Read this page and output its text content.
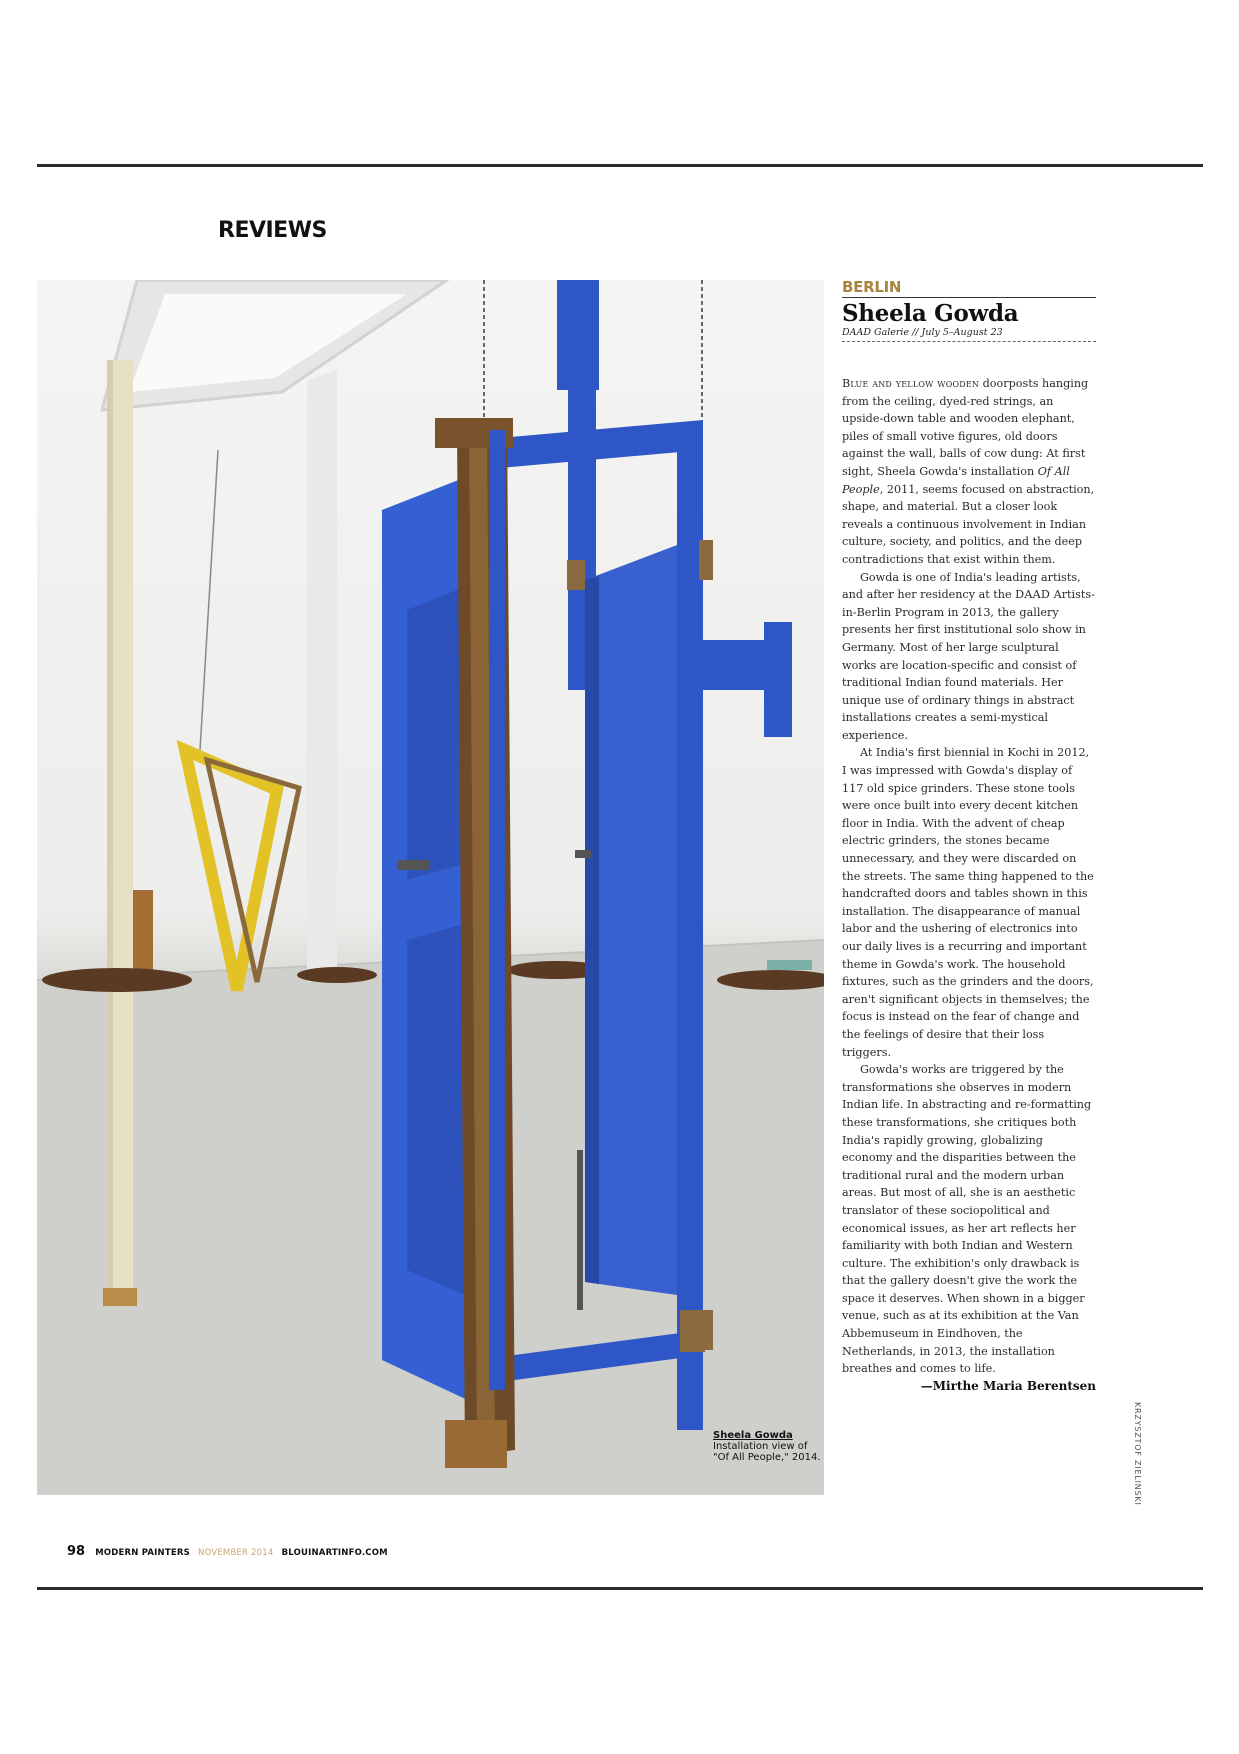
REVIEWS
Sheela Gowda
Installation view of "Of All People," 2014.
BERLIN
Sheela Gowda
DAAD Galerie // July 5–August 23

Blue and yellow wooden doorposts hanging from the ceiling, dyed-red strings, an upside-down table and wooden elephant, piles of small votive figures, old doors against the wall, balls of cow dung: At first sight, Sheela Gowda's installation Of All People, 2011, seems focused on abstraction, shape, and material. But a closer look reveals a continuous involvement in Indian culture, society, and politics, and the deep contradictions that exist within them.

Gowda is one of India's leading artists, and after her residency at the DAAD Artists-in-Berlin Program in 2013, the gallery presents her first institutional solo show in Germany. Most of her large sculptural works are location-specific and consist of traditional Indian found materials. Her unique use of ordinary things in abstract installations creates a semi-mystical experience.

At India's first biennial in Kochi in 2012, I was impressed with Gowda's display of 117 old spice grinders. These stone tools were once built into every decent kitchen floor in India. With the advent of cheap electric grinders, the stones became unnecessary, and they were discarded on the streets. The same thing happened to the handcrafted doors and tables shown in this installation. The disappearance of manual labor and the ushering of electronics into our daily lives is a recurring and important theme in Gowda's work. The household fixtures, such as the grinders and the doors, aren't significant objects in themselves; the focus is instead on the fear of change and the feelings of desire that their loss triggers.

Gowda's works are triggered by the transformations she observes in modern Indian life. In abstracting and re-formatting these transformations, she critiques both India's rapidly growing, globalizing economy and the disparities between the traditional rural and the modern urban areas. But most of all, she is an aesthetic translator of these sociopolitical and economical issues, as her art reflects her familiarity with both Indian and Western culture. The exhibition's only drawback is that the gallery doesn't give the work the space it deserves. When shown in a bigger venue, such as at its exhibition at the Van Abbemuseum in Eindhoven, the Netherlands, in 2013, the installation breathes and comes to life.

—Mirthe Maria Berentsen
KRZYSZTOF ZIELINSKI
98 MODERN PAINTERS NOVEMBER 2014 BLOUINARTINFO.COM
